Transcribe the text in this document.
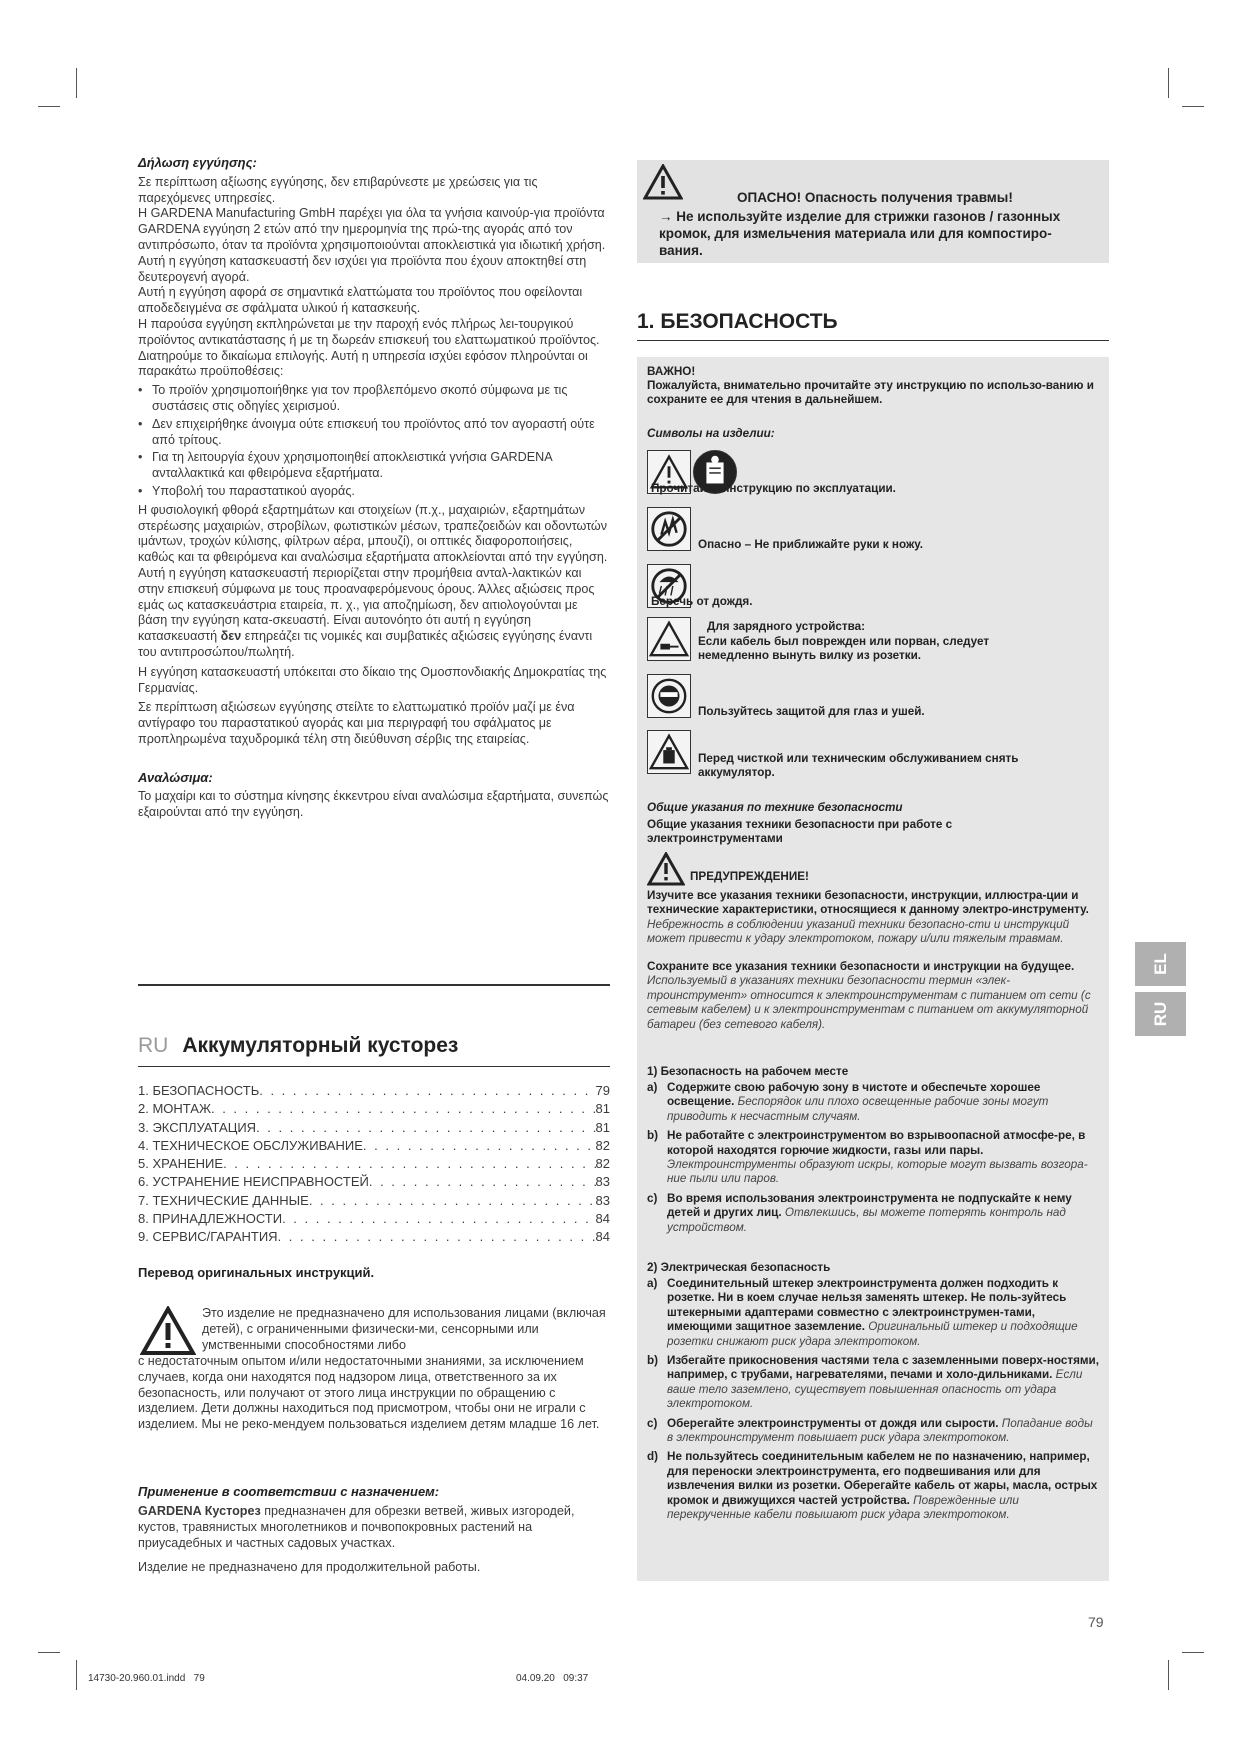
Δήλωση εγγύησης:

Σε περίπτωση αξίωσης εγγύησης, δεν επιβαρύνεστε με χρεώσεις για τις παρεχόμενες υπηρεσίες.

Η GARDENA Manufacturing GmbH παρέχει για όλα τα γνήσια καινούρ-για προϊόντα GARDENA εγγύηση 2 ετών από την ημερομηνία της πρώ-της αγοράς από τον αντιπρόσωπο, όταν τα προϊόντα χρησιμοποιούνται αποκλειστικά για ιδιωτική χρήση. Αυτή η εγγύηση κατασκευαστή δεν ισχύει για προϊόντα που έχουν αποκτηθεί στη δευτερογενή αγορά.

Αυτή η εγγύηση αφορά σε σημαντικά ελαττώματα του προϊόντος που οφείλονται αποδεδειγμένα σε σφάλματα υλικού ή κατασκευής.

Η παρούσα εγγύηση εκπληρώνεται με την παροχή ενός πλήρως λει-τουργικού προϊόντος αντικατάστασης ή με τη δωρεάν επισκευή του ελαττωματικού προϊόντος. Διατηρούμε το δικαίωμα επιλογής. Αυτή η υπηρεσία ισχύει εφόσον πληρούνται οι παρακάτω προϋποθέσεις:

• Το προϊόν χρησιμοποιήθηκε για τον προβλεπόμενο σκοπό σύμφωνα με τις συστάσεις στις οδηγίες χειρισμού.
• Δεν επιχειρήθηκε άνοιγμα ούτε επισκευή του προϊόντος από τον αγοραστή ούτε από τρίτους.
• Για τη λειτουργία έχουν χρησιμοποιηθεί αποκλειστικά γνήσια GARDENA ανταλλακτικά και φθειρόμενα εξαρτήματα.
• Υποβολή του παραστατικού αγοράς.

Η φυσιολογική φθορά εξαρτημάτων και στοιχείων (π.χ., μαχαιριών, εξαρτημάτων στερέωσης μαχαιριών, στροβίλων, φωτιστικών μέσων, τραπεζοειδών και οδοντωτών ιμάντων, τροχών κύλισης, φίλτρων αέρα, μπουζί), οι οπτικές διαφοροποιήσεις, καθώς και τα φθειρόμενα και αναλώσιμα εξαρτήματα αποκλείονται από την εγγύηση.

Αυτή η εγγύηση κατασκευαστή περιορίζεται στην προμήθεια ανταλ-λακτικών και στην επισκευή σύμφωνα με τους προαναφερόμενους όρους. Άλλες αξιώσεις προς εμάς ως κατασκευάστρια εταιρεία, π. χ., για αποζημίωση, δεν αιτιολογούνται με βάση την εγγύηση κατα-σκευαστή. Είναι αυτονόητο ότι αυτή η εγγύηση κατασκευαστή δεν επηρεάζει τις νομικές και συμβατικές αξιώσεις εγγύησης έναντι του αντιπροσώπου/πωλητή.

Η εγγύηση κατασκευαστή υπόκειται στο δίκαιο της Ομοσπονδιακής Δημοκρατίας της Γερμανίας.

Σε περίπτωση αξιώσεων εγγύησης στείλτε το ελαττωματικό προϊόν μαζί με ένα αντίγραφο του παραστατικού αγοράς και μια περιγραφή του σφάλματος με προπληρωμένα ταχυδρομικά τέλη στη διεύθυνση σέρβις της εταιρείας.

Αναλώσιμα:

Το μαχαίρι και το σύστημα κίνησης έκκεντρου είναι αναλώσιμα εξαρτήματα, συνεπώς εξαιρούνται από την εγγύηση.

RU Аккумуляторный кусторез
1. БЕЗОПАСНОСТЬ . . .	79
2. МОНТАЖ . . .	81
3. ЭКСПЛУАТАЦИЯ . . .	81
4. ТЕХНИЧЕСКОЕ ОБСЛУЖИВАНИЕ . . .	82
5. ХРАНЕНИЕ . . .	82
6. УСТРАНЕНИЕ НЕИСПРАВНОСТЕЙ . . .	83
7. ТЕХНИЧЕСКИЕ ДАННЫЕ . . .	83
8. ПРИНАДЛЕЖНОСТИ . . .	84
9. СЕРВИС/ГАРАНТИЯ . . .	84

Перевод оригинальных инструкций.

Это изделие не предназначено для использования лицами (включая детей), с ограниченными физически-ми, сенсорными или умственными способностями либо

с недостаточным опытом и/или недостаточными знаниями, за исключением случаев, когда они находятся под надзором лица, ответственного за их безопасность, или получают от этого лица инструкции по обращению с изделием. Дети должны находиться под присмотром, чтобы они не играли с изделием. Мы не реко-мендуем пользоваться изделием детям младше 16 лет.

Применение в соответствии с назначением:

GARDENA Кусторез предназначен для обрезки ветвей, живых изгородей, кустов, травянистых многолетников и почвопокровных растений на приусадебных и частных садовых участках.

Изделие не предназначено для продолжительной работы.

ОПАСНО! Опасность получения травмы!

→ Не используйте изделие для стрижки газонов / газонных кромок, для измельчения материала или для компостиро-вания.

1. БЕЗОПАСНОСТЬ

ВАЖНО!

Пожалуйста, внимательно прочитайте эту инструкцию по использо-ванию и сохраните ее для чтения в дальнейшем.

Символы на изделии:

Прочитайте инструкцию по эксплуатации.

Опасно – Не приближайте руки к ножу.

Беречь от дождя.

Для зарядного устройства:

Если кабель был поврежден или порван, следует немедленно вынуть вилку из розетки.

Пользуйтесь защитой для глаз и ушей.

Перед чисткой или техническим обслуживанием снять аккумулятор.

Общие указания по технике безопасности

Общие указания техники безопасности при работе с электроинструментами

ПРЕДУПРЕЖДЕНИЕ!

Изучите все указания техники безопасности, инструкции, иллюстра-ции и технические характеристики, относящиеся к данному электро-инструменту. Небрежность в соблюдении указаний техники безопасно-сти и инструкций может привести к удару электротоком, пожару и/или тяжелым травмам.

Сохраните все указания техники безопасности и инструкции на будущее. Используемый в указаниях техники безопасности термин «элек-троинструмент» относится к электроинструментам с питанием от сети (с сетевым кабелем) и к электроинструментам с питанием от аккумуляторной батареи (без сетевого кабеля).

1) Безопасность на рабочем месте

a) Содержите свою рабочую зону в чистоте и обеспечьте хорошее освещение. Беспорядок или плохо освещенные рабочие зоны могут приводить к несчастным случаям.
b) Не работайте с электроинструментом во взрывоопасной атмосфе-ре, в которой находятся горючие жидкости, газы или пары. Электроинструменты образуют искры, которые могут вызвать возгора-ние пыли или паров.
c) Во время использования электроинструмента не подпускайте к нему детей и других лиц. Отвлекшись, вы можете потерять контроль над устройством.

2) Электрическая безопасность

a) Соединительный штекер электроинструмента должен подходить к розетке. Ни в коем случае нельзя заменять штекер. Не поль-зуйтесь штекерными адаптерами совместно с электроинструмен-тами, имеющими защитное заземление. Оригинальный штекер и подходящие розетки снижают риск удара электротоком.
b) Избегайте прикосновения частями тела с заземленными поверх-ностями, например, с трубами, нагревателями, печами и холо-дильниками. Если ваше тело заземлено, существует повышенная опасность от удара электротоком.
c) Оберегайте электроинструменты от дождя или сырости. Попадание воды в электроинструмент повышает риск удара электротоком.
d) Не пользуйтесь соединительным кабелем не по назначению, например, для переноски электроинструмента, его подвешивания или для извлечения вилки из розетки. Оберегайте кабель от жары, масла, острых кромок и движущихся частей устройства. Поврежденные или перекрученные кабели повышают риск удара электротоком.
EL
RU
79
14730-20.960.01.indd   79                                                                                                                04.09.20   09:37
